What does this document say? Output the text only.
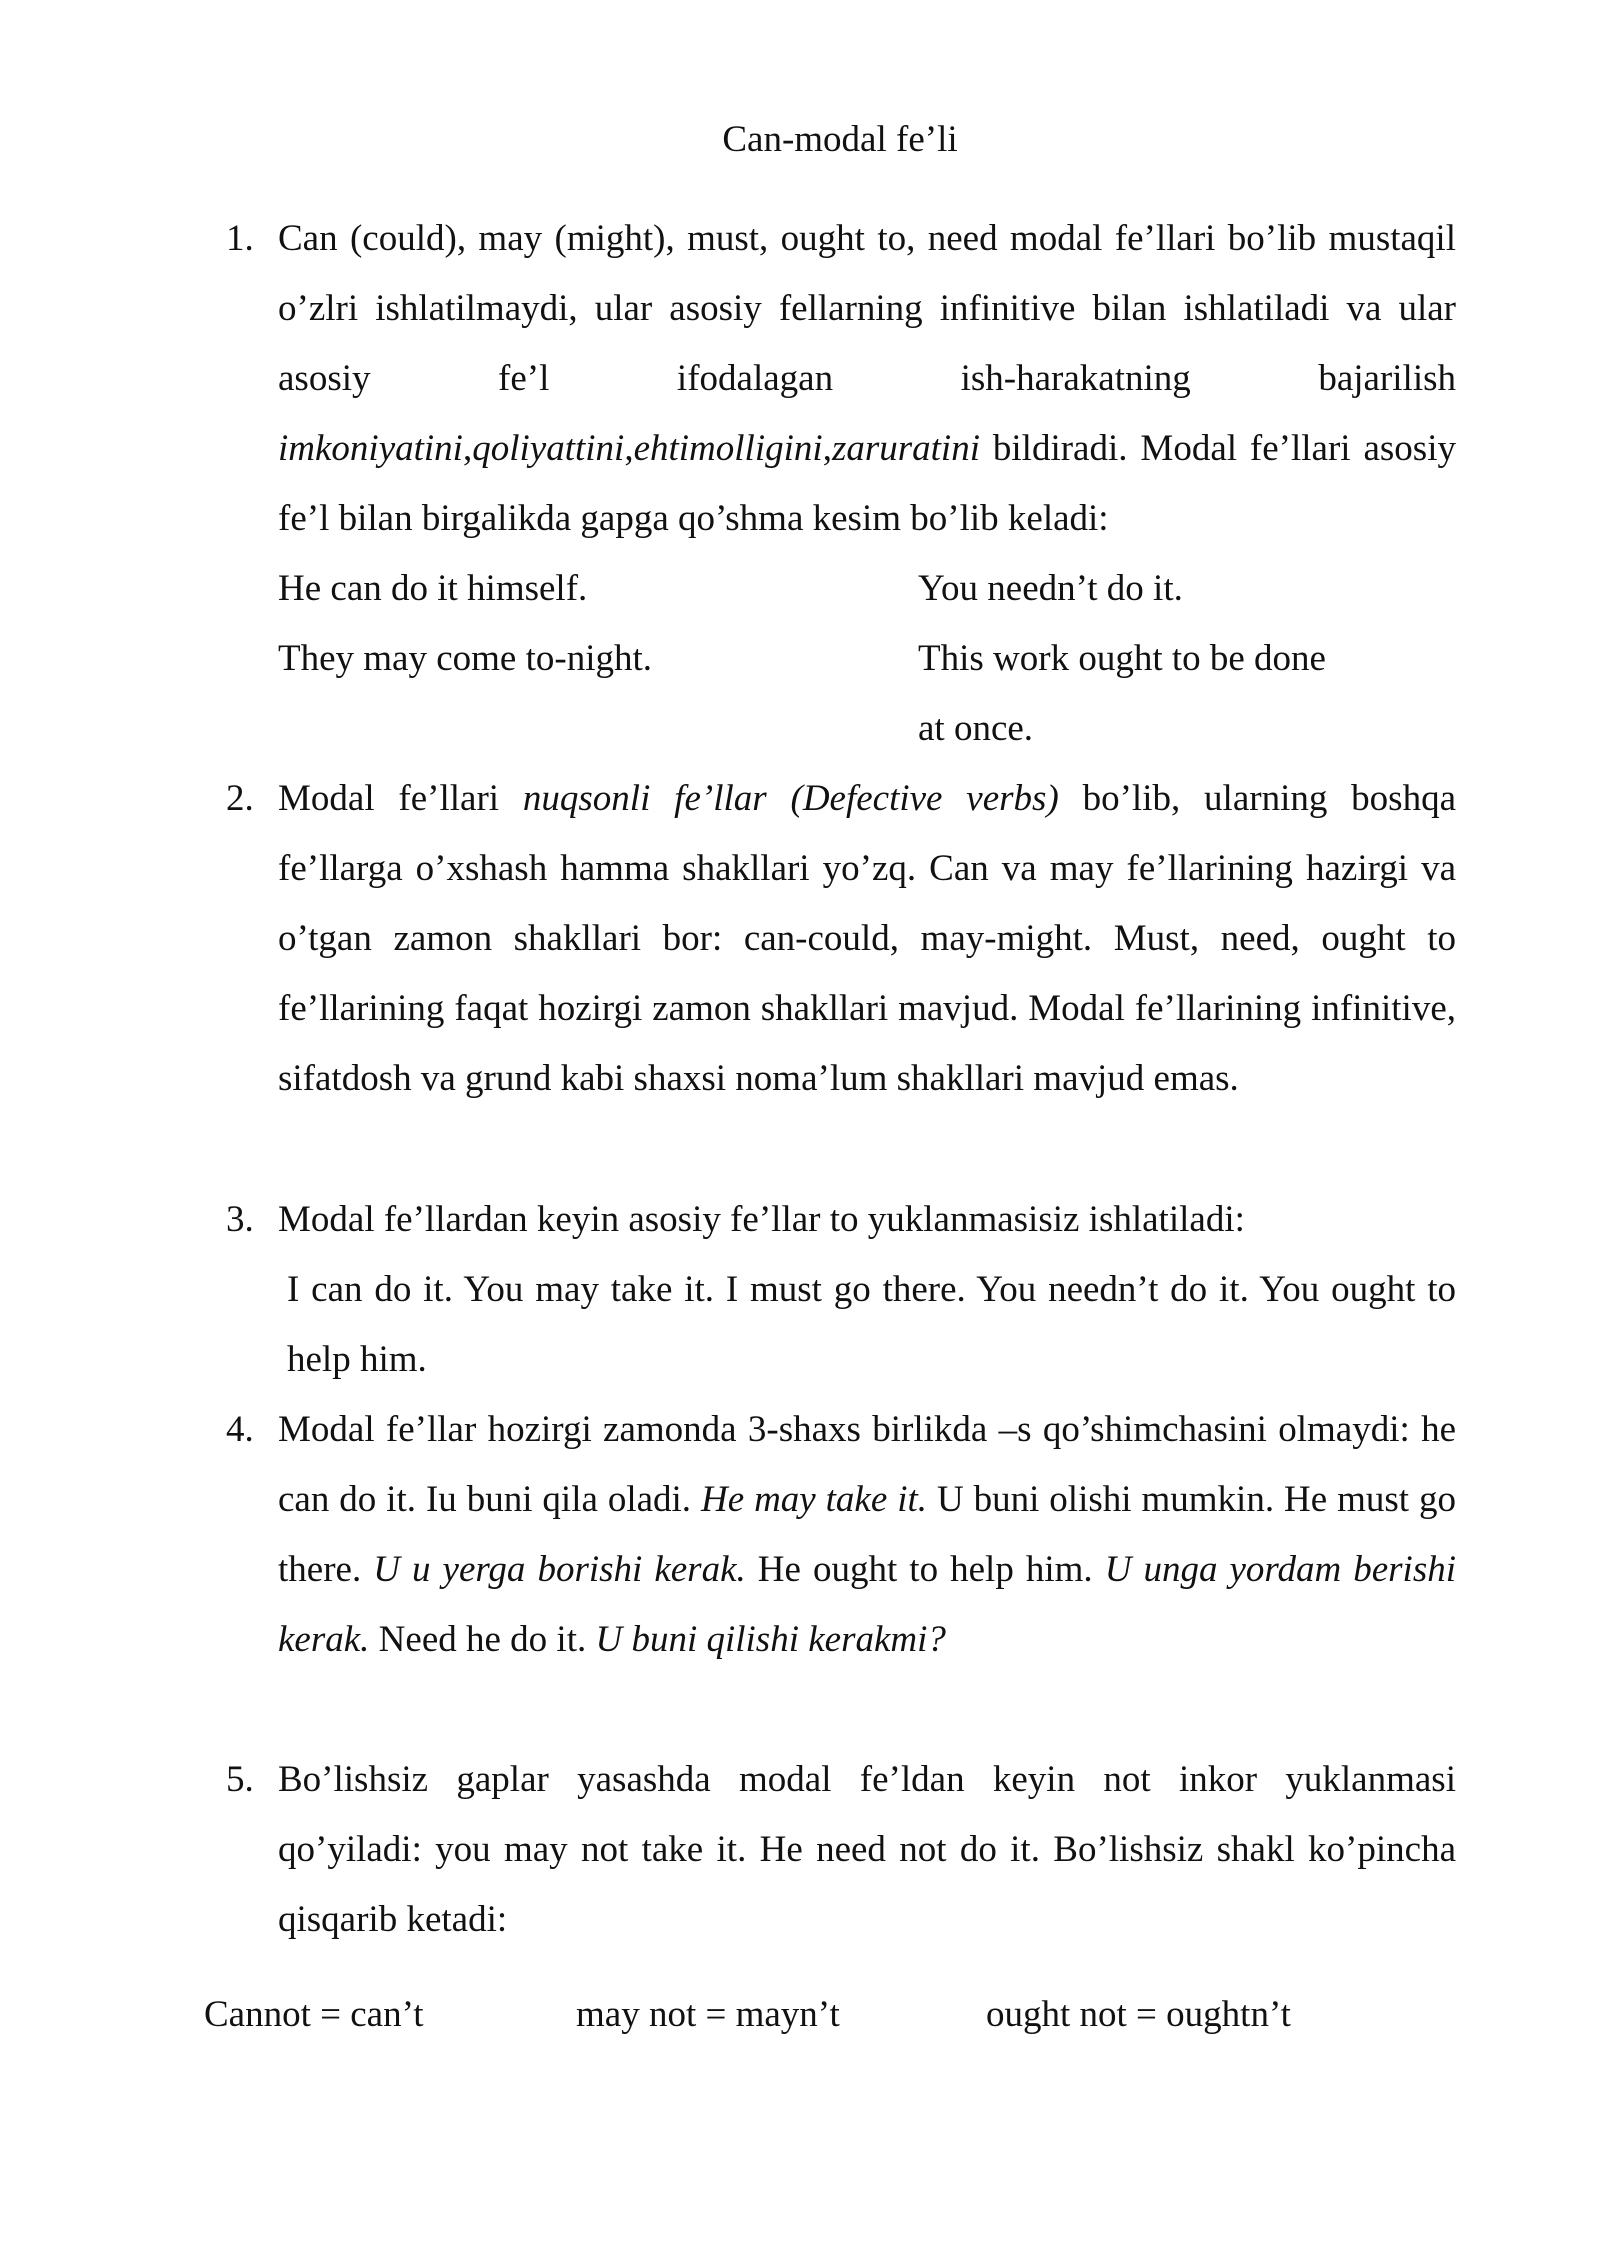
Can-modal fe’li
1. Can (could), may (might), must, ought to, need modal fe’llari bo’lib mustaqil o’zlri ishlatilmaydi, ular asosiy fellarning infinitive bilan ishlatiladi va ular asosiy fe’l ifodalagan ish-harakatning bajarilish imkoniyatini,qoliyattini,ehtimolligini,zaruratini bildiradi. Modal fe’llari asosiy fe’l bilan birgalikda gapga qo’shma kesim bo’lib keladi:
He can do it himself.	You needn’t do it.
They may come to-night.	This work ought to be done
at once.
2. Modal fe’llari nuqsonli fe’llar (Defective verbs) bo’lib, ularning boshqa fe’llarga o’xshash hamma shakllari yo’zq. Can va may fe’llarining hazirgi va o’tgan zamon shakllari bor: can-could, may-might. Must, need, ought to fe’llarining faqat hozirgi zamon shakllari mavjud. Modal fe’llarining infinitive, sifatdosh va grund kabi shaxsi noma’lum shakllari mavjud emas.
3. Modal fe’llardan keyin asosiy fe’llar to yuklanmasisiz ishlatiladi:
I can do it. You may take it. I must go there. You needn’t do it. You ought to help him.
4. Modal fe’llar hozirgi zamonda 3-shaxs birlikda –s qo’shimchasini olmaydi: he can do it. Iu buni qila oladi. He may take it. U buni olishi mumkin. He must go there. U u yerga borishi kerak. He ought to help him. U unga yordam berishi kerak. Need he do it. U buni qilishi kerakmi?
5. Bo’lishsiz gaplar yasashda modal fe’ldan keyin not inkor yuklanmasi qo’yiladi: you may not take it. He need not do it. Bo’lishsiz shakl ko’pincha qisqarib ketadi:
Cannot = can’t	may not = mayn’t	ought not = oughtn’t
